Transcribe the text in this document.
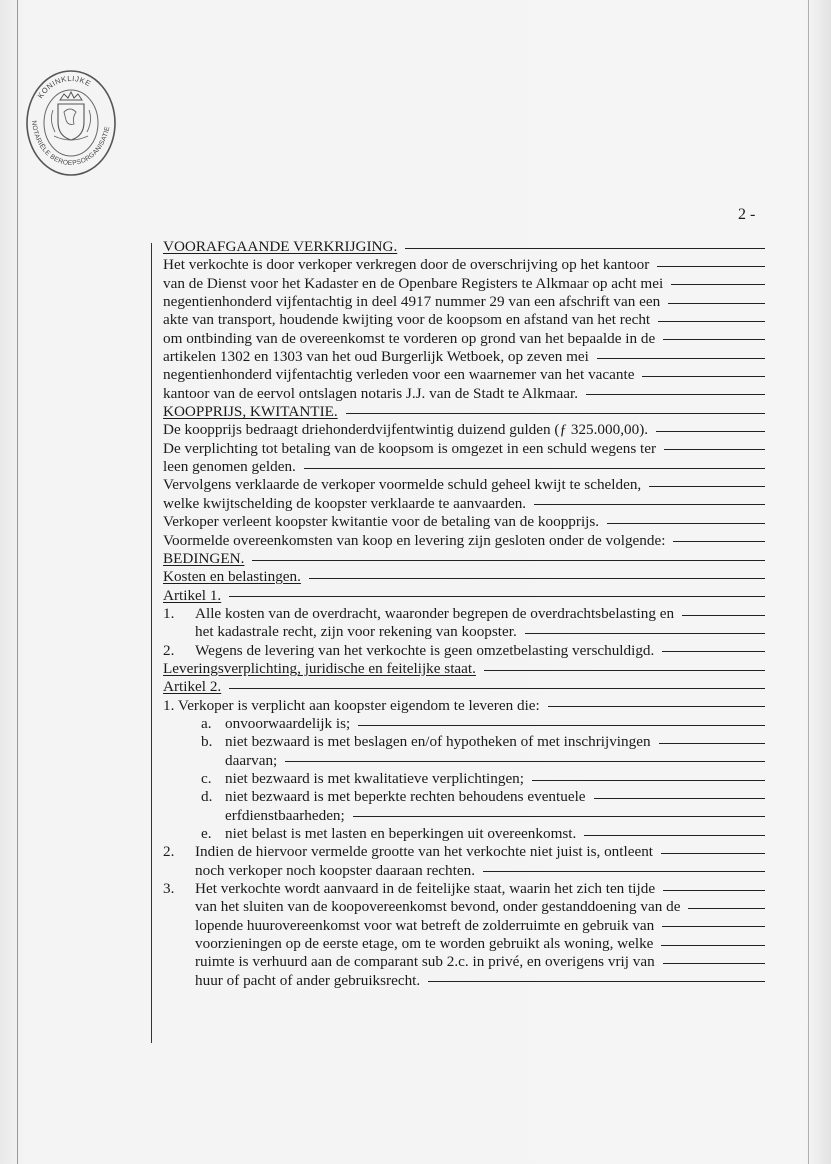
KONINKLIJKE
NOTARIËLE BEROEPSORGANISATIE
2 -
VOORAFGAANDE VERKRIJGING.
Het verkochte is door verkoper verkregen door de overschrijving op het kantoor
van de Dienst voor het Kadaster en de Openbare Registers te Alkmaar op acht mei
negentienhonderd vijfentachtig in deel 4917 nummer 29 van een afschrift van een
akte van transport, houdende kwijting voor de koopsom en afstand van het recht
om ontbinding van de overeenkomst te vorderen op grond van het bepaalde in de
artikelen 1302 en 1303 van het oud Burgerlijk Wetboek, op zeven mei
negentienhonderd vijfentachtig verleden voor een waarnemer van het vacante
kantoor van de eervol ontslagen notaris J.J. van de Stadt te Alkmaar.
KOOPPRIJS, KWITANTIE.
De koopprijs bedraagt driehonderdvijfentwintig duizend gulden (ƒ 325.000,00).
De verplichting tot betaling van de koopsom is omgezet in een schuld wegens ter
leen genomen gelden.
Vervolgens verklaarde de verkoper voormelde schuld geheel kwijt te schelden,
welke kwijtschelding de koopster verklaarde te aanvaarden.
Verkoper verleent koopster kwitantie voor de betaling van de koopprijs.
Voormelde overeenkomsten van koop en levering zijn gesloten onder de volgende:
BEDINGEN.
Kosten en belastingen.
Artikel 1.
1.	Alle kosten van de overdracht, waaronder begrepen de overdrachtsbelasting en
het kadastrale recht, zijn voor rekening van koopster.
2.	Wegens de levering van het verkochte is geen omzetbelasting verschuldigd.
Leveringsverplichting, juridische en feitelijke staat.
Artikel 2.
1. Verkoper is verplicht aan koopster eigendom te leveren die:
a. onvoorwaardelijk is;
b. niet bezwaard is met beslagen en/of hypotheken of met inschrijvingen
daarvan;
c. niet bezwaard is met kwalitatieve verplichtingen;
d. niet bezwaard is met beperkte rechten behoudens eventuele
erfdienstbaarheden;
e. niet belast is met lasten en beperkingen uit overeenkomst.
2.	Indien de hiervoor vermelde grootte van het verkochte niet juist is, ontleent
noch verkoper noch koopster daaraan rechten.
3.	Het verkochte wordt aanvaard in de feitelijke staat, waarin het zich ten tijde
van het sluiten van de koopovereenkomst bevond, onder gestanddoening van de
lopende huurovereenkomst voor wat betreft de zolderruimte en gebruik van
voorzieningen op de eerste etage, om te worden gebruikt als woning, welke
ruimte is verhuurd aan de comparant sub 2.c. in privé, en overigens vrij van
huur of pacht of ander gebruiksrecht.
